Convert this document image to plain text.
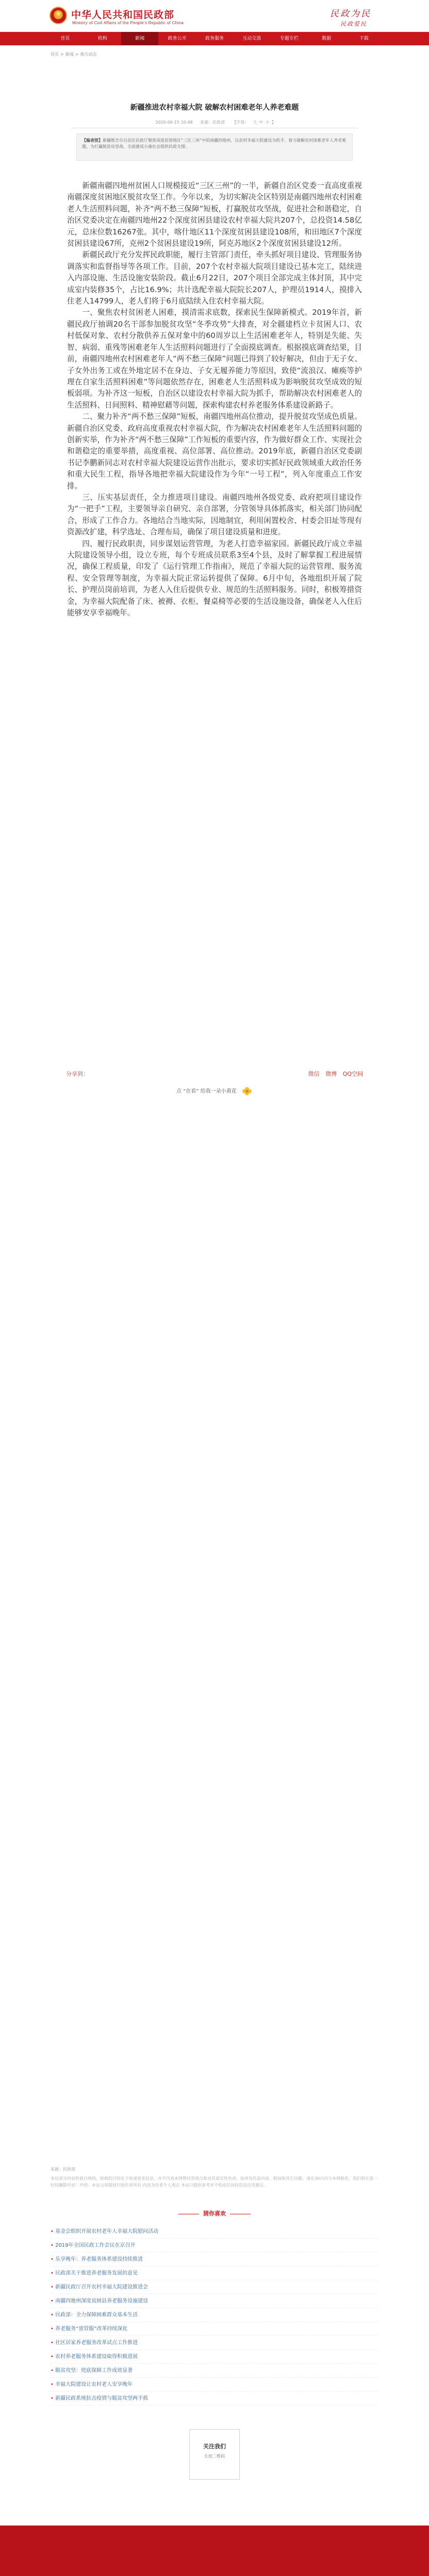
★
中华人民共和国民政部
Ministry of Civil Affairs of the People's Republic of China
民政为民
民政爱民
首页	机构	新闻	政务公开	政务服务	互动交流	专题专栏	数据	下载
首页 > 新闻 > 地方动态
新疆推进农村幸福大院 破解农村困难老年人养老难题
2020-06-15 10:48 来源：民政部 【字体： 大 中 小 】
【编者按】新疆维吾尔自治区民政厅聚焦深度贫困地区“三区三州”中的南疆四地州，以农村幸福大院建设为抓手，着力破解农村困难老年人养老难题，为打赢脱贫攻坚战、全面建成小康社会提供民政支撑。

新疆南疆四地州贫困人口规模接近“三区三州”的一半，新疆自治区党委一直高度重视南疆深度贫困地区脱贫攻坚工作。今年以来，为切实解决全区特别是南疆四地州农村困难老人生活照料问题，补齐“两不愁三保障”短板，打赢脱贫攻坚战，促进社会和谐稳定，自治区党委决定在南疆四地州22个深度贫困县建设农村幸福大院共207个，总投资14.58亿元，总床位数16267张。其中，喀什地区11个深度贫困县建设108所，和田地区7个深度贫困县建设67所，克州2个贫困县建设19所，阿克苏地区2个深度贫困县建设12所。

新疆民政厅充分发挥民政职能，履行主管部门责任，牵头抓好项目建设、管理服务协调落实和监督指导等各项工作。目前，207个农村幸福大院项目建设已基本完工，陆续进入内部设施、生活设施安装阶段。截止6月22日，207个项目全部完成主体封顶，其中完成室内装修35个，占比16.9%；共计选配幸福大院院长207人，护理员1914人，摸排入住老人14799人，老人们将于6月底陆续入住农村幸福大院。

一、聚焦农村贫困老人困难，摸清需求底数，探索民生保障新模式。2019年首，新疆民政厅抽调20名干部参加脱贫攻坚“冬季攻势”大排查，对全疆建档立卡贫困人口、农村低保对象、农村分散供养五保对象中的60周岁以上生活困难老年人，特别是失能、失智、病弱、重残等困难老年人生活照料问题进行了全面摸底调查。根据摸底调查结果，目前，南疆四地州农村困难老年人“两不愁三保障”问题已得到了较好解决，但由于无子女、子女外出务工或在外地定居不在身边、子女无履养能力等原因，致使“流浪汉、瘫痪等护理在自家生活照料困难”等问题依然存在，困难老人生活照料成为影响脱贫攻坚成效的短板弱项。为补齐这一短板，自治区以建设农村幸福大院为抓手，帮助解决农村困难老人的生活照料、日间照料、精神慰藉等问题，探索构建农村养老服务体系建设新路子。

二、聚力补齐“两不愁三保障”短板，南疆四地州高位推动，提升脱贫攻坚成色质量。新疆自治区党委、政府高度重视农村幸福大院，作为解决农村困难老年人生活照料问题的创新实举，作为补齐“两不愁三保障”工作短板的重要内容，作为做好群众工作、实现社会和谐稳定的重要举措，高度重视、高位部署、高位推动。2019年底，新疆自治区党委副书记李鹏新同志对农村幸福大院建设运营作出批示，要求切实抓好民政领域重大政治任务和重大民生工程，指导各地把幸福大院建设作为今年“一号工程”，列入年度重点工作安排。

三、压实基层责任，全力推进项目建设。南疆四地州各级党委、政府把项目建设作为“一把手”工程，主要领导亲自研究、亲自部署，分管领导具体抓落实，相关部门协同配合，形成了工作合力。各地结合当地实际，因地制宜，利用闲置校舍、村委会旧址等现有资源改扩建，科学选址、合理布局，确保了项目建设质量和进度。

四、履行民政职责，同步谋划运营管理，为老人打造幸福家园。新疆民政厅成立幸福大院建设领导小组，设立专班，每个专班成员联系3至4个县，及时了解掌握工程进展情况，确保工程质量，印发了《运行管理工作指南》，规范了幸福大院的运营管理、服务流程、安全管理等制度，为幸福大院正常运转提供了保障。6月中旬，各地组织开展了院长、护理员岗前培训，为老人入住后提供专业、规范的生活照料服务。同时，积极筹措资金，为幸福大院配备了床、被褥、衣柜、餐桌椅等必要的生活设施设备，确保老人入住后能够安享幸福晚年。

分享到：	微信 微博 QQ空间
点 “在看” 给我一朵小黄花
来源：民政部
本站部分内容转载自网络，转载的目的在于传递更多信息，并不代表本网赞同其观点和对其真实性负责。如涉及作品内容、版权和其它问题，请在30日内与本网联系，我们将在第一时间删除内容！声明：本站文章版权归原作者所有 内容为作者个人观点 本站只提供参考并不构成任何投资及应用建议。
猜你喜欢
• 基金会组织开展农村老年人幸福大院慰问活动
• 2019年全国民政工作会议在京召开
• 乐享晚年：养老服务体系建设持续推进
• 民政部关于推进养老服务发展的意见
• 新疆民政厅召开农村幸福大院建设推进会
• 南疆四地州深度贫困县养老服务设施建设
• 民政部：全力保障困难群众基本生活
• 养老服务“放管服”改革持续深化
• 社区居家养老服务改革试点工作推进
• 农村养老服务体系建设取得积极进展
• 脱贫攻坚：兜底保障工作成效显著
• 幸福大院建设让农村老人安享晚年
• 新疆民政系统抗击疫情与脱贫攻坚两手抓
关注我们
长按二维码
